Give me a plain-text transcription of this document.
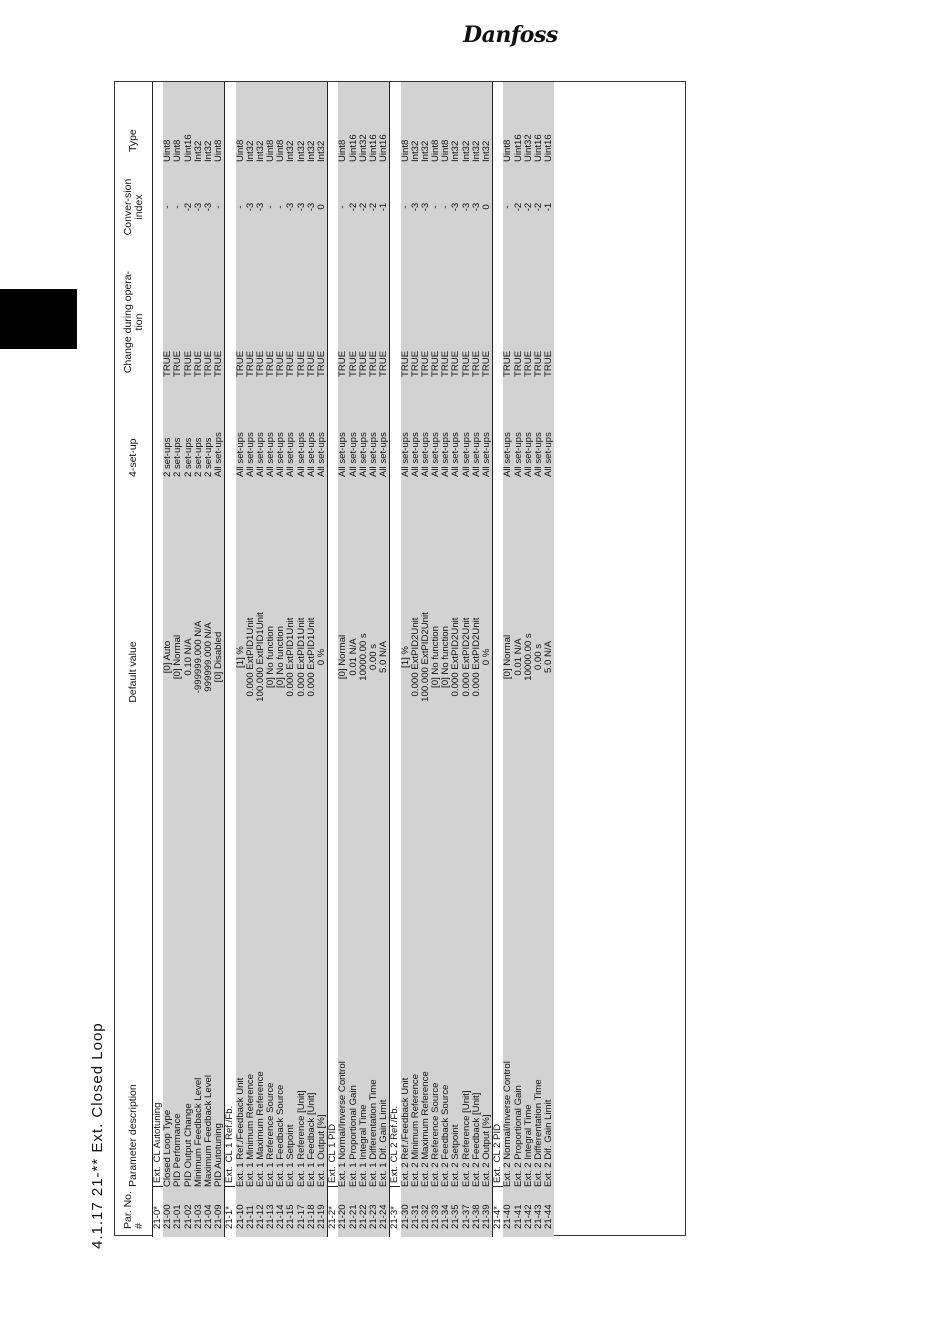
Danfoss
4.1.17 21-** Ext. Closed Loop	Par. No. #
Parameter description
Default value
4-set-up
Change during opera-tion
Conver-sion index
Type
21-0*Ext.CL Autotuning
21-00
Closed Loop Type
[0] Auto
2 set-ups
TRUE
-
Uint8
21-01
PID Performance
[0] Normal
2 set-ups
TRUE
-
Uint8
21-02
PID Output Change
0.10 N/A
2 set-ups
TRUE
-2
Uint16
21-03
Minimum Feedback Level
-999999.000 N/A
2 set-ups
TRUE
-3
Int32
21-04
Maximum Feedback Level
999999.000 N/A
2 set-ups
TRUE
-3
Int32
21-09
PID Autotuning
[0] Disabled
All set-ups
TRUE
-
Uint8
21-1*Ext.CL 1 Ref./Fb.
21-10
Ext. 1 Ref./Feedback Unit
[1] %
All set-ups
TRUE
-
Uint8
21-11
Ext. 1 Minimum Reference
0.000 ExtPID1Unit
All set-ups
TRUE
-3
Int32
21-12
Ext. 1 Maximum Reference
100.000 ExtPID1Unit
All set-ups
TRUE
-3
Int32
21-13
Ext. 1 Reference Source
[0] No function
All set-ups
TRUE
-
Uint8
21-14
Ext. 1 Feedback Source
[0] No function
All set-ups
TRUE
-
Uint8
21-15
Ext. 1 Setpoint
0.000 ExtPID1Unit
All set-ups
TRUE
-3
Int32
21-17
Ext. 1 Reference [Unit]
0.000 ExtPID1Unit
All set-ups
TRUE
-3
Int32
21-18
Ext. 1 Feedback [Unit]
0.000 ExtPID1Unit
All set-ups
TRUE
-3
Int32
21-19
Ext. 1 Output [%]
0 %
All set-ups
TRUE
0
Int32
21-2*Ext.CL 1 PID
21-20
Ext. 1 Normal/Inverse Control
[0] Normal
All set-ups
TRUE
-
Uint8
21-21
Ext. 1 Proportional Gain
0.01 N/A
All set-ups
TRUE
-2
Uint16
21-22
Ext. 1 Integral Time
10000.00 s
All set-ups
TRUE
-2
Uint32
21-23
Ext. 1 Differentation Time
0.00 s
All set-ups
TRUE
-2
Uint16
21-24
Ext. 1 Dif. Gain Limit
5.0 N/A
All set-ups
TRUE
-1
Uint16
21-3*Ext.CL 2 Ref./Fb.
21-30
Ext. 2 Ref./Feedback Unit
[1] %
All set-ups
TRUE
-
Uint8
21-31
Ext. 2 Minimum Reference
0.000 ExtPID2Unit
All set-ups
TRUE
-3
Int32
21-32
Ext. 2 Maximum Reference
100.000 ExtPID2Unit
All set-ups
TRUE
-3
Int32
21-33
Ext. 2 Reference Source
[0] No function
All set-ups
TRUE
-
Uint8
21-34
Ext. 2 Feedback Source
[0] No function
All set-ups
TRUE
-
Uint8
21-35
Ext. 2 Setpoint
0.000 ExtPID2Unit
All set-ups
TRUE
-3
Int32
21-37
Ext. 2 Reference [Unit]
0.000 ExtPID2Unit
All set-ups
TRUE
-3
Int32
21-38
Ext. 2 Feedback [Unit]
0.000 ExtPID2Unit
All set-ups
TRUE
-3
Int32
21-39
Ext. 2 Output [%]
0 %
All set-ups
TRUE
0
Int32
21-4*Ext.CL 2 PID
21-40
Ext. 2 Normal/Inverse Control
[0] Normal
All set-ups
TRUE
-
Uint8
21-41
Ext. 2 Proportional Gain
0.01 N/A
All set-ups
TRUE
-2
Uint16
21-42
Ext. 2 Integral Time
10000.00 s
All set-ups
TRUE
-2
Uint32
21-43
Ext. 2 Differentation Time
0.00 s
All set-ups
TRUE
-2
Uint16
21-44
Ext. 2 Dif. Gain Limit
5.0 N/A
All set-ups
TRUE
-1
Uint16
